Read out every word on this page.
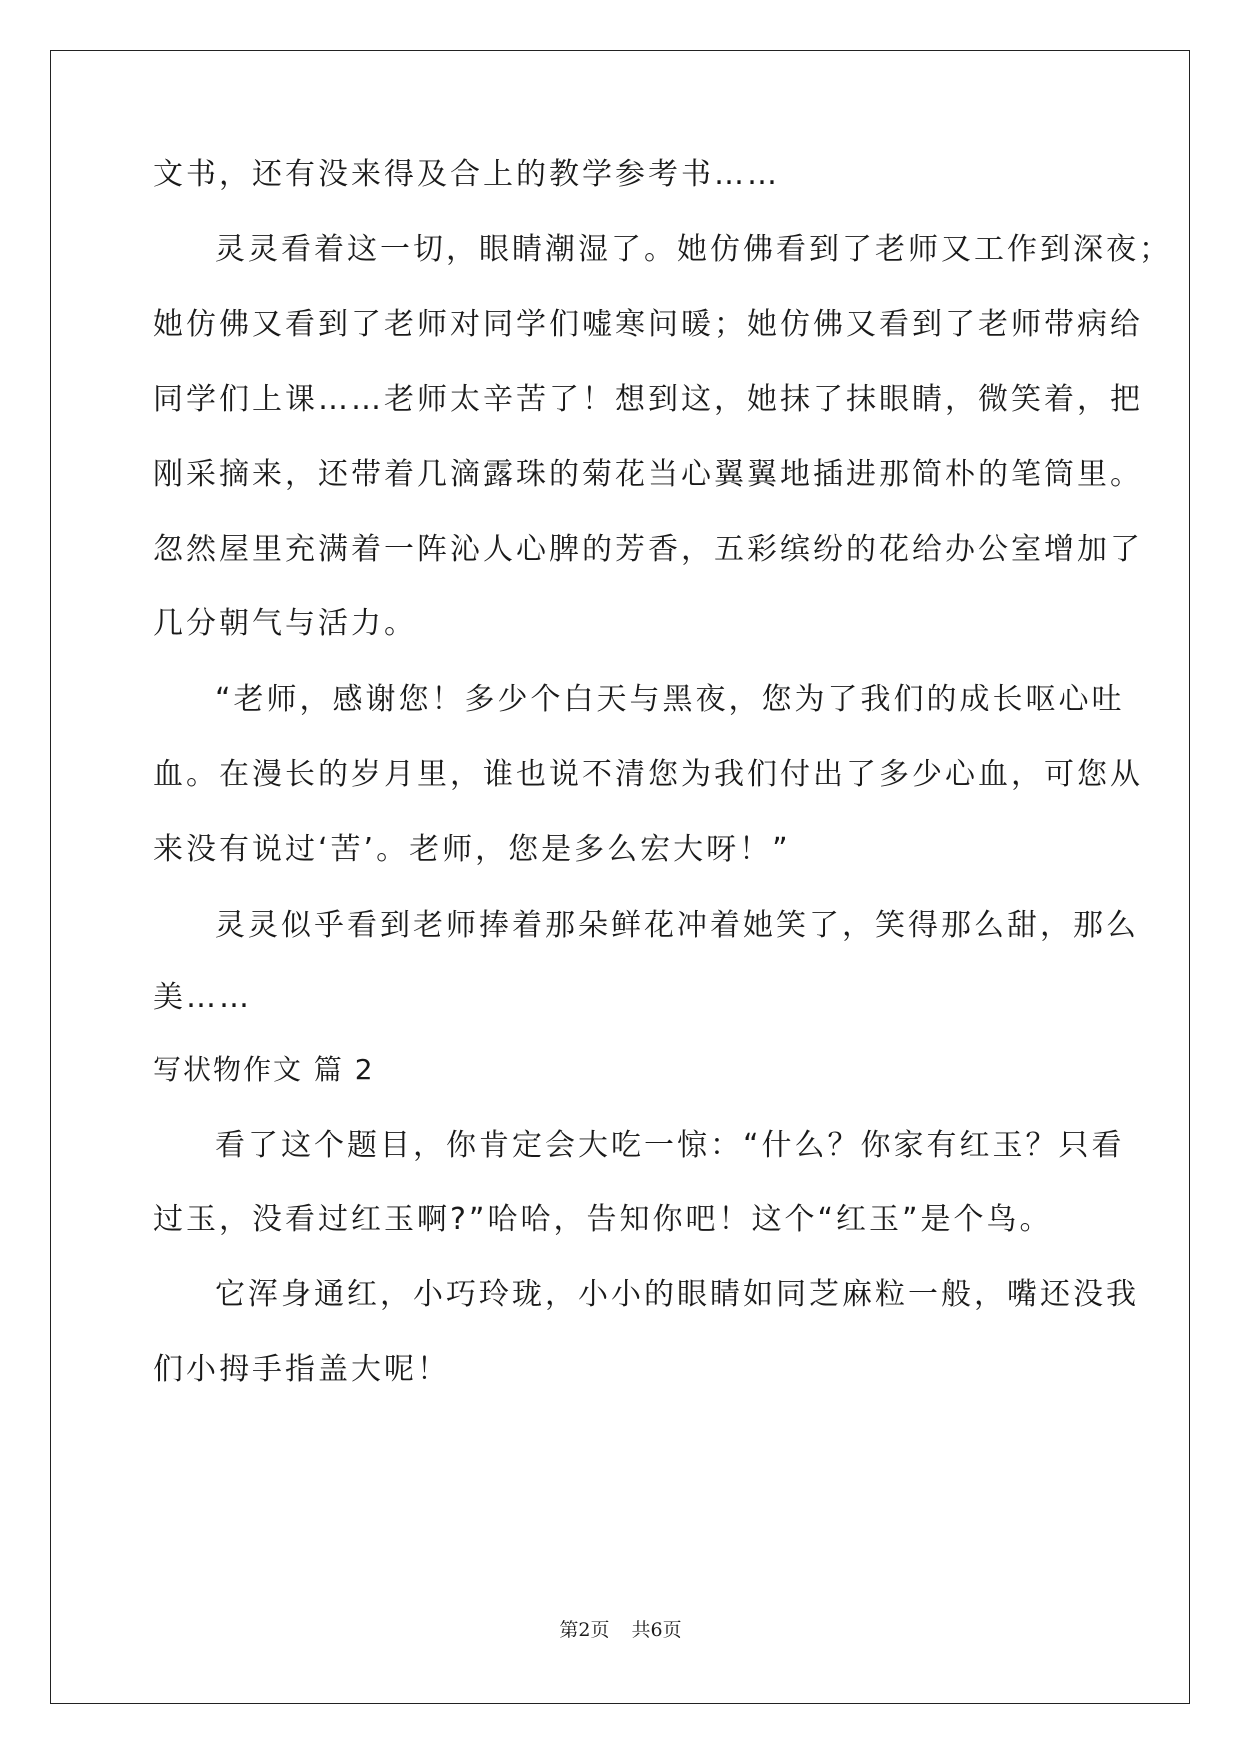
文书，还有没来得及合上的教学参考书……
灵灵看着这一切，眼睛潮湿了。她仿佛看到了老师又工作到深夜；
她仿佛又看到了老师对同学们嘘寒问暖；她仿佛又看到了老师带病给
同学们上课……老师太辛苦了！想到这，她抹了抹眼睛，微笑着，把
刚采摘来，还带着几滴露珠的菊花当心翼翼地插进那简朴的笔筒里。
忽然屋里充满着一阵沁人心脾的芳香，五彩缤纷的花给办公室增加了
几分朝气与活力。
“老师，感谢您！多少个白天与黑夜，您为了我们的成长呕心吐
血。在漫长的岁月里，谁也说不清您为我们付出了多少心血，可您从
来没有说过‘苦’。老师，您是多么宏大呀！”
灵灵似乎看到老师捧着那朵鲜花冲着她笑了，笑得那么甜，那么
美……
写状物作文 篇 2
看了这个题目，你肯定会大吃一惊：“什么？你家有红玉？只看
过玉，没看过红玉啊?”哈哈，告知你吧！这个“红玉”是个鸟。
它浑身通红，小巧玲珑，小小的眼睛如同芝麻粒一般，嘴还没我
们小拇手指盖大呢！
第2页 共6页
